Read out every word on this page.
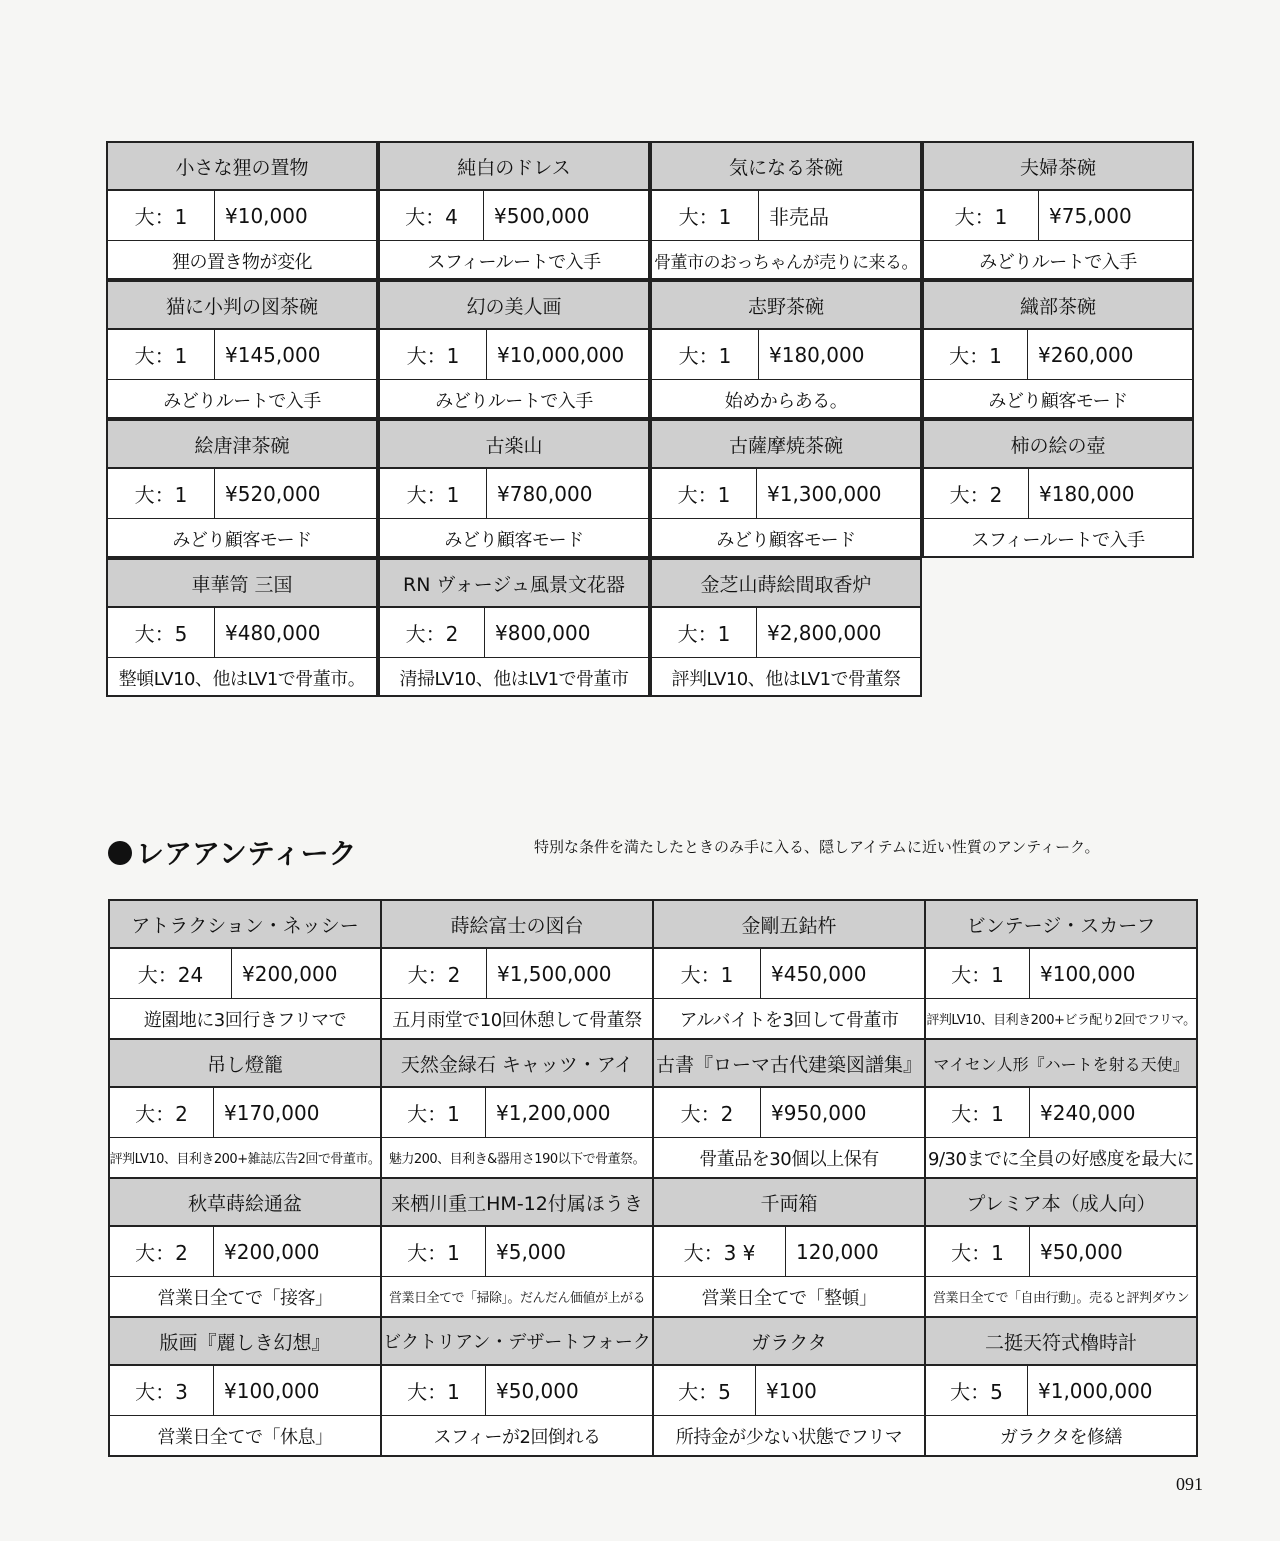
小さな狸の置物
大：1	¥10,000
狸の置き物が変化
純白のドレス
大：4	¥500,000
スフィールートで入手
気になる茶碗
大：1	非売品
骨董市のおっちゃんが売りに来る。
夫婦茶碗
大：1	¥75,000
みどりルートで入手
猫に小判の図茶碗
大：1	¥145,000
みどりルートで入手
幻の美人画
大：1	¥10,000,000
みどりルートで入手
志野茶碗
大：1	¥180,000
始めからある。
織部茶碗
大：1	¥260,000
みどり顧客モード
絵唐津茶碗
大：1	¥520,000
みどり顧客モード
古楽山
大：1	¥780,000
みどり顧客モード
古薩摩焼茶碗
大：1	¥1,300,000
みどり顧客モード
柿の絵の壺
大：2	¥180,000
スフィールートで入手
車華笥 三国
大：5	¥480,000
整頓LV10、他はLV1で骨董市。
RN ヴォージュ風景文花器
大：2	¥800,000
清掃LV10、他はLV1で骨董市
金芝山蒔絵間取香炉
大：1	¥2,800,000
評判LV10、他はLV1で骨董祭
レアアンティーク	特別な条件を満たしたときのみ手に入る、隠しアイテムに近い性質のアンティーク。
アトラクション・ネッシー
大：24	¥200,000
遊園地に3回行きフリマで
蒔絵富士の図台
大：2	¥1,500,000
五月雨堂で10回休憩して骨董祭
金剛五鈷杵
大：1	¥450,000
アルバイトを3回して骨董市
ビンテージ・スカーフ
大：1	¥100,000
評判LV10、目利き200+ビラ配り2回でフリマ。
吊し燈籠
大：2	¥170,000
評判LV10、目利き200+雑誌広告2回で骨董市。
天然金緑石 キャッツ・アイ
大：1	¥1,200,000
魅力200、目利き&器用さ190以下で骨董祭。
古書『ローマ古代建築図譜集』
大：2	¥950,000
骨董品を30個以上保有
マイセン人形『ハートを射る天使』
大：1	¥240,000
9/30までに全員の好感度を最大に
秋草蒔絵通盆
大：2	¥200,000
営業日全てで「接客」
来栖川重工HM-12付属ほうき
大：1	¥5,000
営業日全てで「掃除」。だんだん価値が上がる
千両箱
大：3 ¥	120,000
営業日全てで「整頓」
プレミア本（成人向）
大：1	¥50,000
営業日全てで「自由行動」。売ると評判ダウン
版画『麗しき幻想』
大：3	¥100,000
営業日全てで「休息」
ビクトリアン・デザートフォーク
大：1	¥50,000
スフィーが2回倒れる
ガラクタ
大：5	¥100
所持金が少ない状態でフリマ
二挺天符式櫓時計
大：5	¥1,000,000
ガラクタを修繕
091
